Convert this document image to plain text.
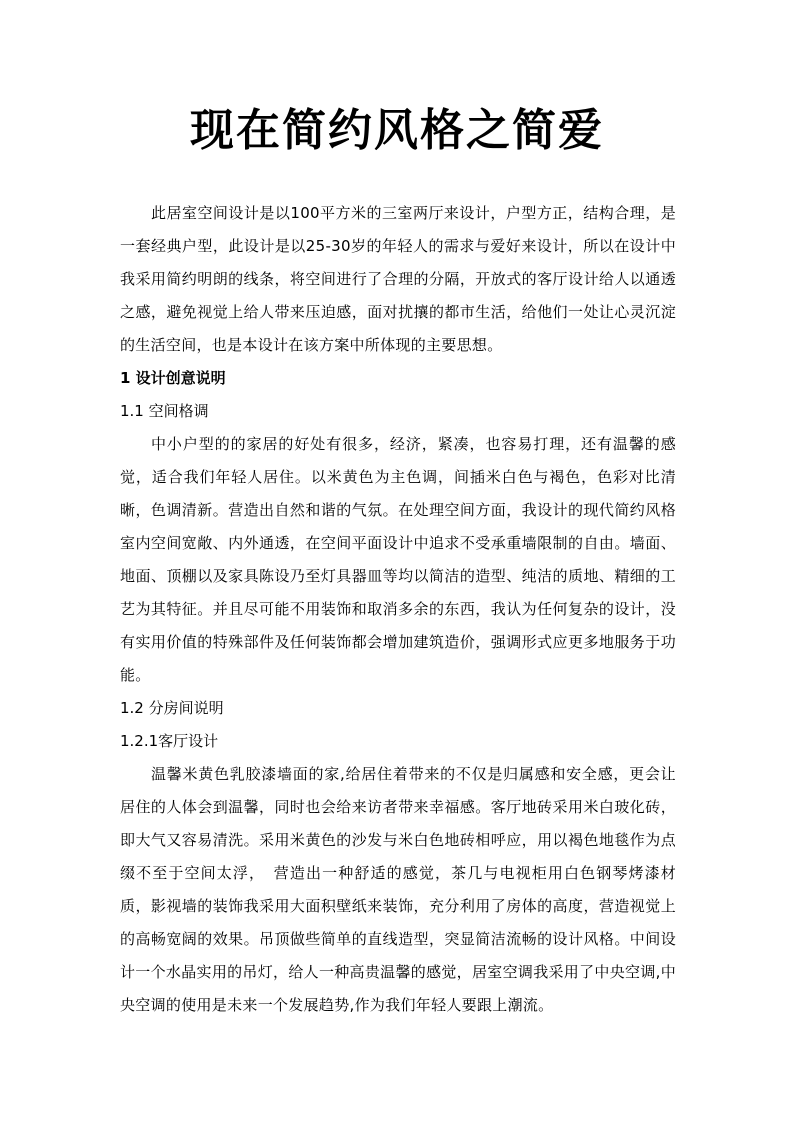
现在简约风格之简爱

此居室空间设计是以100平方米的三室两厅来设计，户型方正，结构合理，是一套经典户型，此设计是以25-30岁的年轻人的需求与爱好来设计，所以在设计中我采用简约明朗的线条，将空间进行了合理的分隔，开放式的客厅设计给人以通透之感，避免视觉上给人带来压迫感，面对扰攘的都市生活，给他们一处让心灵沉淀的生活空间，也是本设计在该方案中所体现的主要思想。

1 设计创意说明

1.1 空间格调

中小户型的的家居的好处有很多，经济，紧凑，也容易打理，还有温馨的感觉，适合我们年轻人居住。以米黄色为主色调，间插米白色与褐色，色彩对比清晰，色调清新。营造出自然和谐的气氛。在处理空间方面，我设计的现代简约风格室内空间宽敞、内外通透，在空间平面设计中追求不受承重墙限制的自由。墙面、地面、顶棚以及家具陈设乃至灯具器皿等均以简洁的造型、纯洁的质地、精细的工艺为其特征。并且尽可能不用装饰和取消多余的东西，我认为任何复杂的设计，没有实用价值的特殊部件及任何装饰都会增加建筑造价，强调形式应更多地服务于功能。

1.2 分房间说明

1.2.1客厅设计

温馨米黄色乳胶漆墙面的家,给居住着带来的不仅是归属感和安全感，更会让居住的人体会到温馨，同时也会给来访者带来幸福感。客厅地砖采用米白玻化砖，即大气又容易清洗。采用米黄色的沙发与米白色地砖相呼应，用以褐色地毯作为点缀不至于空间太浮，　营造出一种舒适的感觉，茶几与电视柜用白色钢琴烤漆材质，影视墙的装饰我采用大面积壁纸来装饰，充分利用了房体的高度，营造视觉上的高畅宽阔的效果。吊顶做些简单的直线造型，突显简洁流畅的设计风格。中间设计一个水晶实用的吊灯，给人一种高贵温馨的感觉，居室空调我采用了中央空调,中央空调的使用是未来一个发展趋势,作为我们年轻人要跟上潮流。
